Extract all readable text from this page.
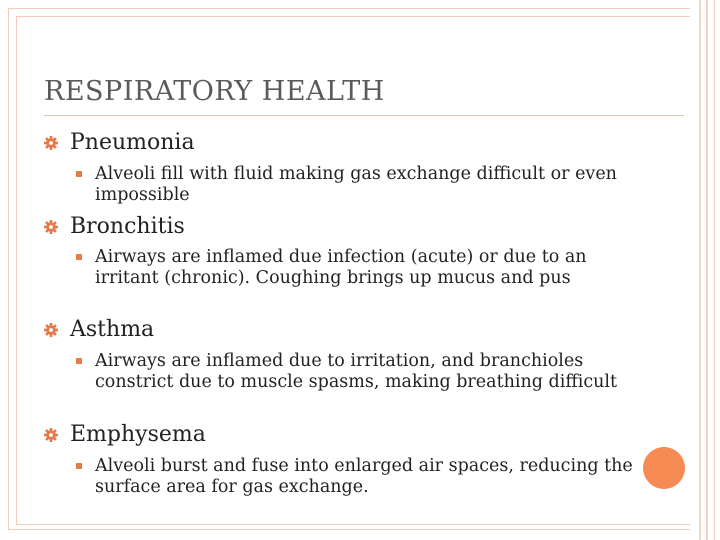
RESPIRATORY HEALTH
Pneumonia
Alveoli fill with fluid making gas exchange difficult or even impossible
Bronchitis
Airways are inflamed due infection (acute) or due to an irritant (chronic). Coughing brings up mucus and pus
Asthma
Airways are inflamed due to irritation, and branchioles constrict due to muscle spasms, making breathing difficult
Emphysema
Alveoli burst and fuse into enlarged air spaces, reducing the surface area for gas exchange.
